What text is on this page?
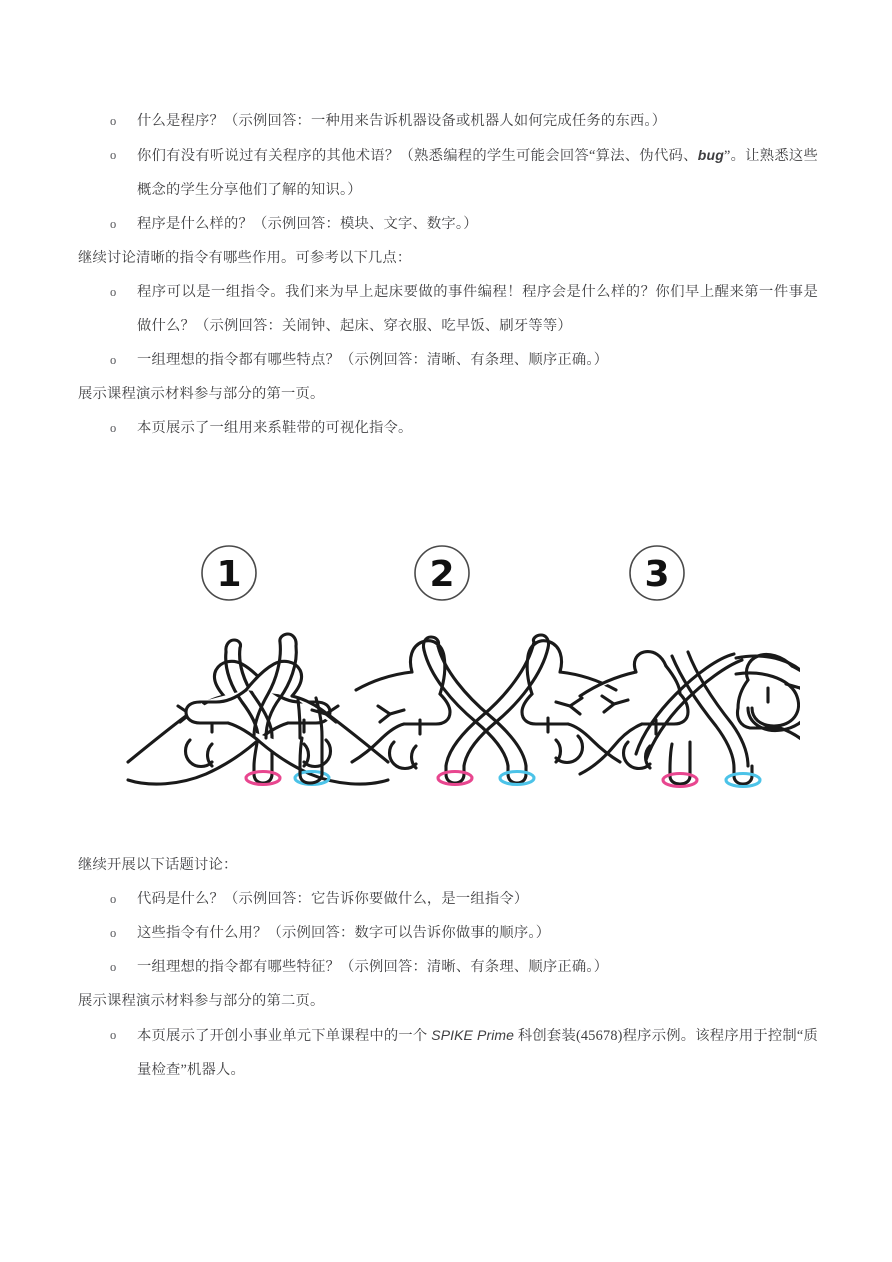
o 什么是程序？（示例回答：一种用来告诉机器设备或机器人如何完成任务的东西。）
o 你们有没有听说过有关程序的其他术语？（熟悉编程的学生可能会回答“算法、伪代码、bug”。让熟悉这些概念的学生分享他们了解的知识。）
o 程序是什么样的？（示例回答：模块、文字、数字。）

继续讨论清晰的指令有哪些作用。可参考以下几点：

o 程序可以是一组指令。我们来为早上起床要做的事件编程！程序会是什么样的？你们早上醒来第一件事是做什么？（示例回答：关闹钟、起床、穿衣服、吃早饭、刷牙等等）
o 一组理想的指令都有哪些特点？（示例回答：清晰、有条理、顺序正确。）

展示课程演示材料参与部分的第一页。

o 本页展示了一组用来系鞋带的可视化指令。
1	2	3

继续开展以下话题讨论：

o 代码是什么？（示例回答：它告诉你要做什么，是一组指令）
o 这些指令有什么用？（示例回答：数字可以告诉你做事的顺序。）
o 一组理想的指令都有哪些特征？（示例回答：清晰、有条理、顺序正确。）

展示课程演示材料参与部分的第二页。

o 本页展示了开创小事业单元下单课程中的一个 SPIKE Prime 科创套装(45678)程序示例。该程序用于控制“质量检查”机器人。
